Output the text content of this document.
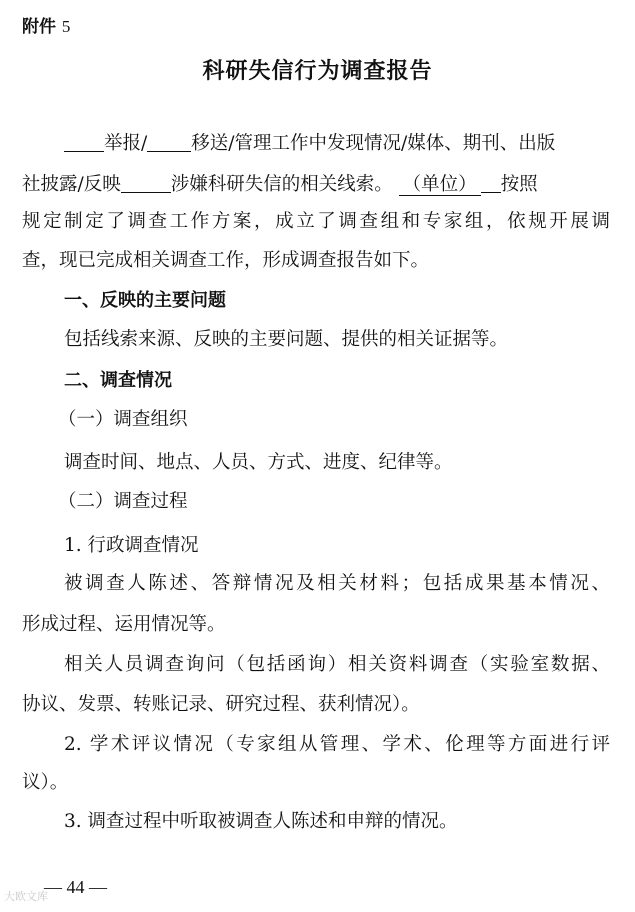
附件 5
科研失信行为调查报告
举报/ 移送/管理工作中发现情况/媒体、期刊、出版
社披露/反映	涉嫌科研失信的相关线索。 （单位） 按照
规定制定了调查工作方案，成立了调查组和专家组，依规开展调
查，现已完成相关调查工作，形成调查报告如下。
一、反映的主要问题
包括线索来源、反映的主要问题、提供的相关证据等。
二、调查情况
（一）调查组织
调查时间、地点、人员、方式、进度、纪律等。
（二）调查过程
1. 行政调查情况
被调查人陈述、答辩情况及相关材料；包括成果基本情况、
形成过程、运用情况等。
相关人员调查询问（包括函询）相关资料调查（实验室数据、
协议、发票、转账记录、研究过程、获利情况）。
2. 学术评议情况（专家组从管理、学术、伦理等方面进行评
议）。
3. 调查过程中听取被调查人陈述和申辩的情况。
— 44 —
大欧文库
